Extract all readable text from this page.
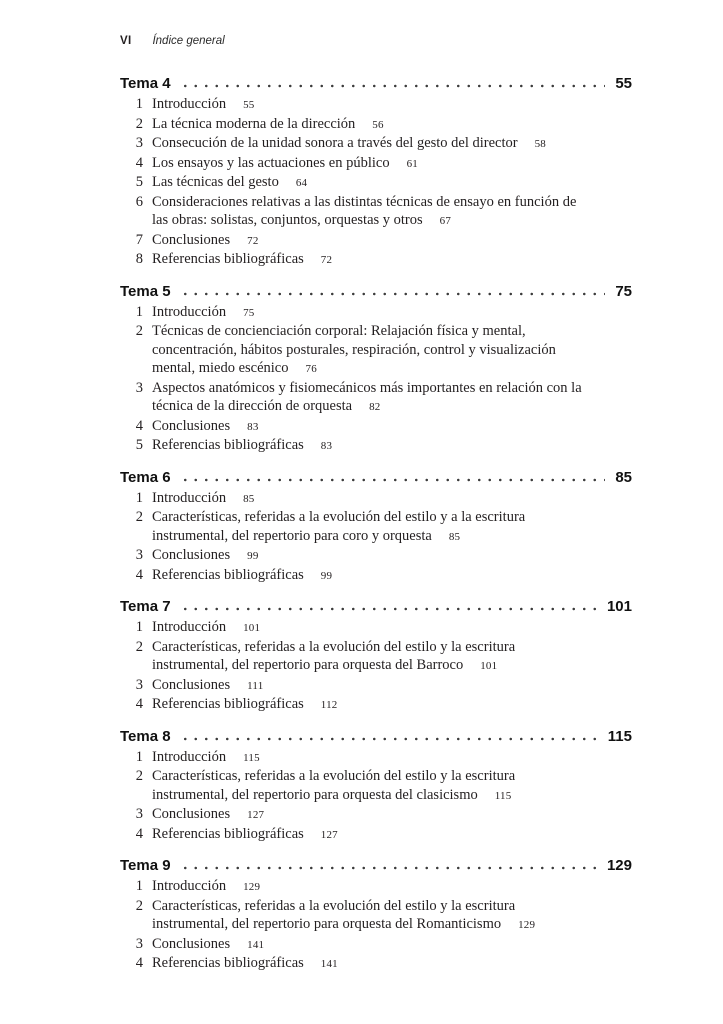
VI Índice general
Tema 4	55
1 Introducción 55
2 La técnica moderna de la dirección 56
3 Consecución de la unidad sonora a través del gesto del director 58
4 Los ensayos y las actuaciones en público 61
5 Las técnicas del gesto 64
6 Consideraciones relativas a las distintas técnicas de ensayo en función de las obras: solistas, conjuntos, orquestas y otros 67
7 Conclusiones 72
8 Referencias bibliográficas 72
Tema 5	75
1 Introducción 75
2 Técnicas de concienciación corporal: Relajación física y mental, concentración, hábitos posturales, respiración, control y visualización mental, miedo escénico 76
3 Aspectos anatómicos y fisiomecánicos más importantes en relación con la técnica de la dirección de orquesta 82
4 Conclusiones 83
5 Referencias bibliográficas 83
Tema 6	85
1 Introducción 85
2 Características, referidas a la evolución del estilo y a la escritura instrumental, del repertorio para coro y orquesta 85
3 Conclusiones 99
4 Referencias bibliográficas 99
Tema 7	101
1 Introducción 101
2 Características, referidas a la evolución del estilo y la escritura instrumental, del repertorio para orquesta del Barroco 101
3 Conclusiones 111
4 Referencias bibliográficas 112
Tema 8	115
1 Introducción 115
2 Características, referidas a la evolución del estilo y la escritura instrumental, del repertorio para orquesta del clasicismo 115
3 Conclusiones 127
4 Referencias bibliográficas 127
Tema 9	129
1 Introducción 129
2 Características, referidas a la evolución del estilo y la escritura instrumental, del repertorio para orquesta del Romanticismo 129
3 Conclusiones 141
4 Referencias bibliográficas 141
